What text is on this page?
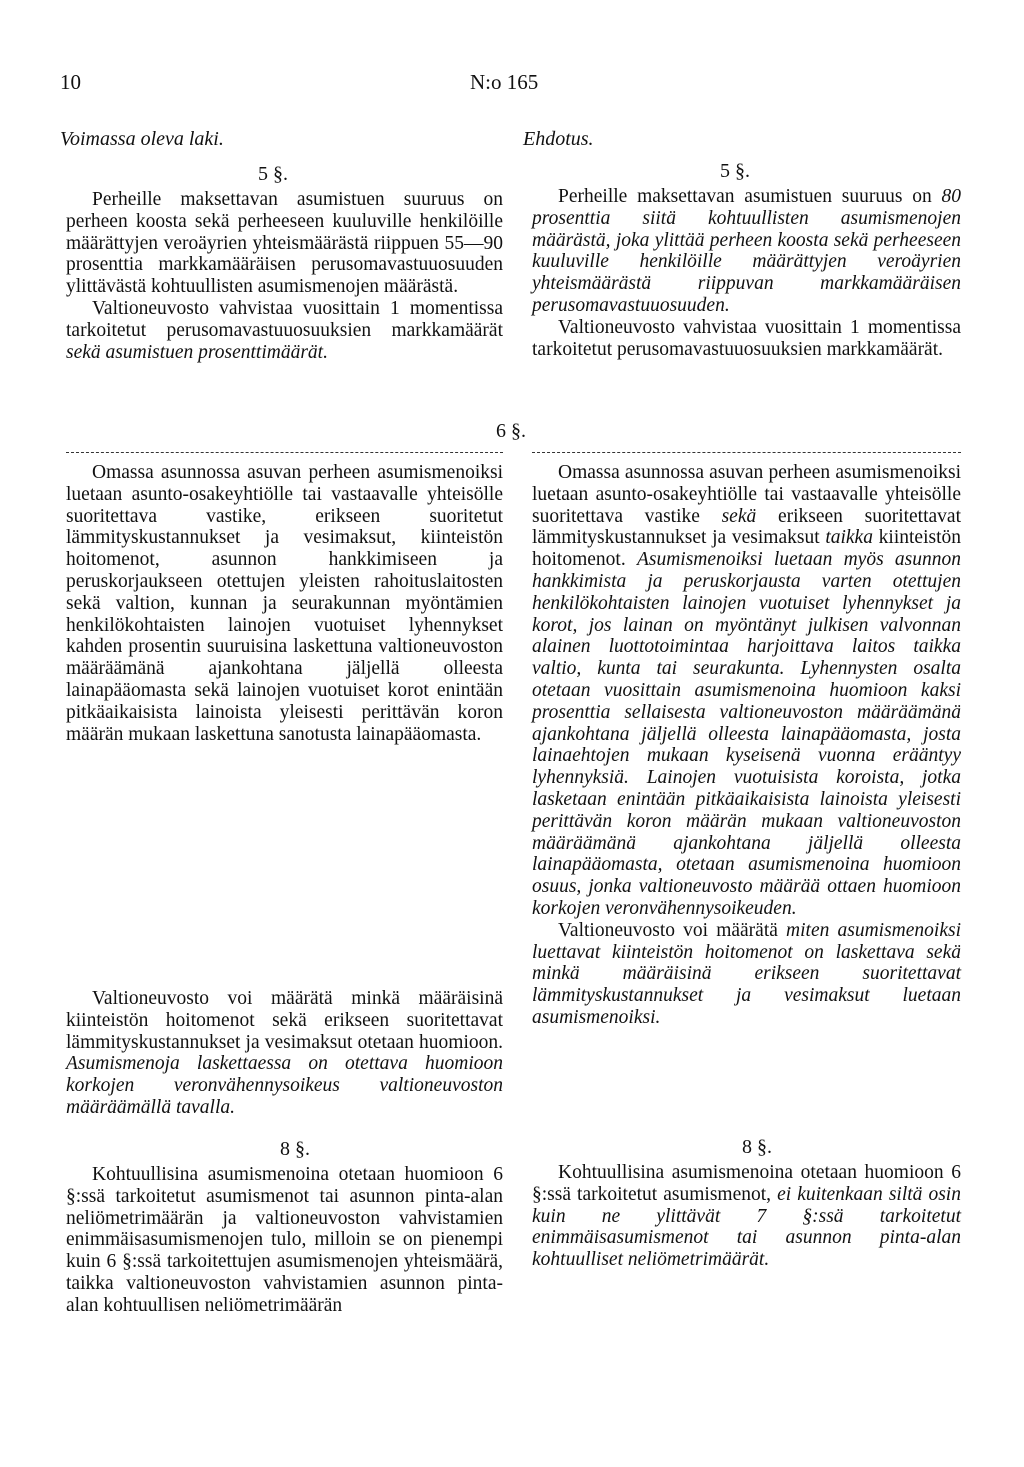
10	N:o 165
Voimassa oleva laki.	Ehdotus.
5 §.

Perheille maksettavan asumistuen suuruus on perheen koosta sekä perheeseen kuuluville henkilöille määrättyjen veroäyrien yhteismäärästä riippuen 55—90 prosenttia markkamääräisen perusomavastuuosuuden ylittävästä kohtuullisten asumismenojen määrästä.

Valtioneuvosto vahvistaa vuosittain 1 momentissa tarkoitetut perusomavastuuosuuksien markkamäärät sekä asumistuen prosenttimäärät.

6 §.

Omassa asunnossa asuvan perheen asumismenoiksi luetaan asunto-osakeyhtiölle tai vastaavalle yhteisölle suoritettava vastike, erikseen suoritetut lämmityskustannukset ja vesimaksut, kiinteistön hoitomenot, asunnon hankkimiseen ja peruskorjaukseen otettujen yleisten rahoituslaitosten sekä valtion, kunnan ja seurakunnan myöntämien henkilökohtaisten lainojen vuotuiset lyhennykset kahden prosentin suuruisina laskettuna valtioneuvoston määräämänä ajankohtana jäljellä olleesta lainapääomasta sekä lainojen vuotuiset korot enintään pitkäaikaisista lainoista yleisesti perittävän koron määrän mukaan laskettuna sanotusta lainapääomasta.

Valtioneuvosto voi määrätä minkä määräisinä kiinteistön hoitomenot sekä erikseen suoritettavat lämmityskustannukset ja vesimaksut otetaan huomioon. Asumismenoja laskettaessa on otettava huomioon korkojen veronvähennysoikeus valtioneuvoston määräämällä tavalla.

8 §.

Kohtuullisina asumismenoina otetaan huomioon 6 §:ssä tarkoitetut asumismenot tai asunnon pinta-alan neliömetrimäärän ja valtioneuvoston vahvistamien enimmäisasumismenojen tulo, milloin se on pienempi kuin 6 §:ssä tarkoitettujen asumismenojen yhteismäärä, taikka valtioneuvoston vahvistamien asunnon pinta-alan kohtuullisen neliömetrimäärän

5 §.

Perheille maksettavan asumistuen suuruus on 80 prosenttia siitä kohtuullisten asumismenojen määrästä, joka ylittää perheen koosta sekä perheeseen kuuluville henkilöille määrättyjen veroäyrien yhteismäärästä riippuvan markkamääräisen perusomavastuuosuuden.

Valtioneuvosto vahvistaa vuosittain 1 momentissa tarkoitetut perusomavastuuosuuksien markkamäärät.

Omassa asunnossa asuvan perheen asumismenoiksi luetaan asunto-osakeyhtiölle tai vastaavalle yhteisölle suoritettava vastike sekä erikseen suoritettavat lämmityskustannukset ja vesimaksut taikka kiinteistön hoitomenot. Asumismenoiksi luetaan myös asunnon hankkimista ja peruskorjausta varten otettujen henkilökohtaisten lainojen vuotuiset lyhennykset ja korot, jos lainan on myöntänyt julkisen valvonnan alainen luottotoimintaa harjoittava laitos taikka valtio, kunta tai seurakunta. Lyhennysten osalta otetaan vuosittain asumismenoina huomioon kaksi prosenttia sellaisesta valtioneuvoston määräämänä ajankohtana jäljellä olleesta lainapääomasta, josta lainaehtojen mukaan kyseisenä vuonna erääntyy lyhennyksiä. Lainojen vuotuisista koroista, jotka lasketaan enintään pitkäaikaisista lainoista yleisesti perittävän koron määrän mukaan valtioneuvoston määräämänä ajankohtana jäljellä olleesta lainapääomasta, otetaan asumismenoina huomioon osuus, jonka valtioneuvosto määrää ottaen huomioon korkojen veronvähennysoikeuden.

Valtioneuvosto voi määrätä miten asumismenoiksi luettavat kiinteistön hoitomenot on laskettava sekä minkä määräisinä erikseen suoritettavat lämmityskustannukset ja vesimaksut luetaan asumismenoiksi.

8 §.

Kohtuullisina asumismenoina otetaan huomioon 6 §:ssä tarkoitetut asumismenot, ei kuitenkaan siltä osin kuin ne ylittävät 7 §:ssä tarkoitetut enimmäisasumismenot tai asunnon pinta-alan kohtuulliset neliömetrimäärät.
